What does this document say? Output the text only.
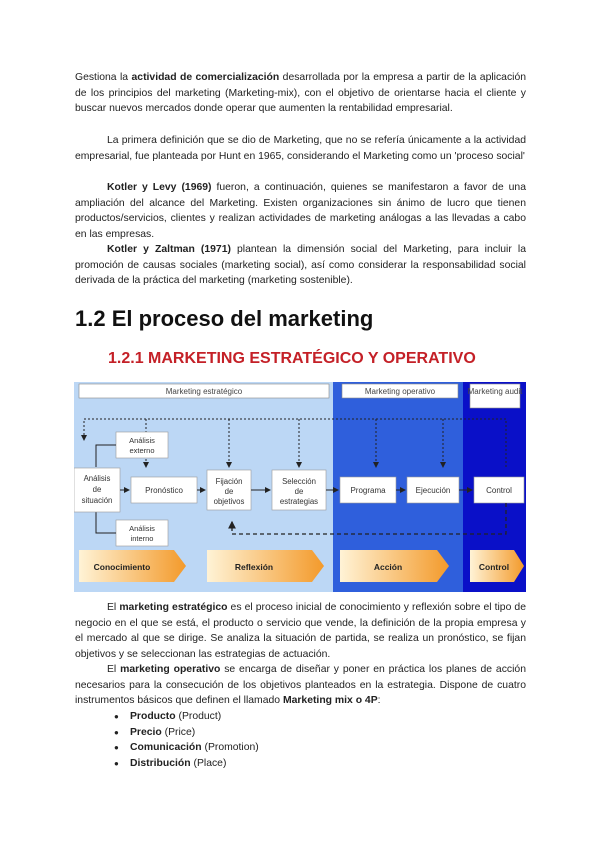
Gestiona la actividad de comercialización desarrollada por la empresa a partir de la aplicación de los principios del marketing (Marketing-mix), con el objetivo de orientarse hacia el cliente y buscar nuevos mercados donde operar que aumenten la rentabilidad empresarial.
La primera definición que se dio de Marketing, que no se refería únicamente a la actividad empresarial, fue planteada por Hunt en 1965, considerando el Marketing como un 'proceso social'
Kotler y Levy (1969) fueron, a continuación, quienes se manifestaron a favor de una ampliación del alcance del Marketing. Existen organizaciones sin ánimo de lucro que tienen productos/servicios, clientes y realizan actividades de marketing análogas a las llevadas a cabo en las empresas.
Kotler y Zaltman (1971) plantean la dimensión social del Marketing, para incluir la promoción de causas sociales (marketing social), así como considerar la responsabilidad social derivada de la práctica del marketing (marketing sostenible).
1.2 El proceso del marketing
1.2.1 MARKETING ESTRATÉGICO Y OPERATIVO
Marketing estratégico	Marketing operativo	Marketing audit
Análisis externo
Análisis interno
Análisis de situación
Pronóstico
Fijación de objetivos
Selección de estrategias
Programa	Ejecución	Control
Conocimiento	Reflexión	Acción	Control
El marketing estratégico es el proceso inicial de conocimiento y reflexión sobre el tipo de negocio en el que se está, el producto o servicio que vende, la definición de la propia empresa y el mercado al que se dirige. Se analiza la situación de partida, se realiza un pronóstico, se fijan objetivos y se seleccionan las estrategias de actuación.
El marketing operativo se encarga de diseñar y poner en práctica los planes de acción necesarios para la consecución de los objetivos planteados en la estrategia. Dispone de cuatro instrumentos básicos que definen el llamado Marketing mix o 4P:
● Producto (Product)
● Precio (Price)
● Comunicación (Promotion)
● Distribución (Place)
